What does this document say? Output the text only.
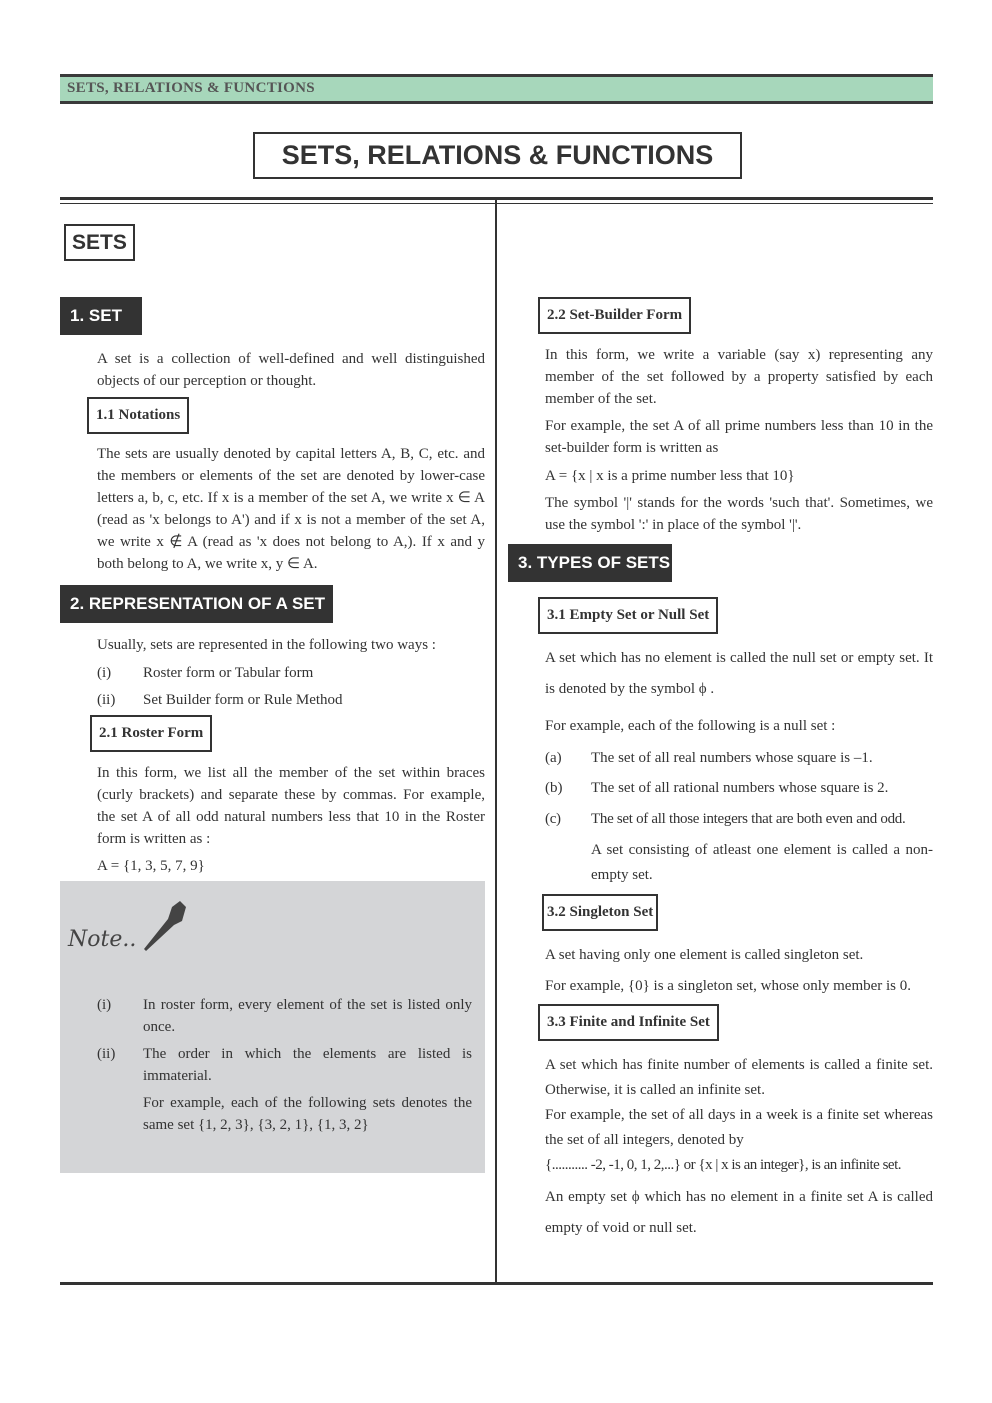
SETS, RELATIONS & FUNCTIONS
SETS, RELATIONS & FUNCTIONS
SETS
1. SET
A set is a collection of well-defined and well distinguished objects of our perception or thought.
1.1 Notations
The sets are usually denoted by capital letters A, B, C, etc. and the members or elements of the set are denoted by lower-case letters a, b, c, etc. If x is a member of the set A, we write x ∈ A (read as 'x belongs to A') and if x is not a member of the set A, we write x ∉ A (read as 'x does not belong to A,). If x and y both belong to A, we write x, y ∈ A.
2. REPRESENTATION OF A SET
Usually, sets are represented in the following two ways :
(i) Roster form or Tabular form
(ii) Set Builder form or Rule Method
2.1 Roster Form
In this form, we list all the member of the set within braces (curly brackets) and separate these by commas. For example, the set A of all odd natural numbers less that 10 in the Roster form is written as :
A = {1, 3, 5, 7, 9}
Note..
(i) In roster form, every element of the set is listed only once.
(ii) The order in which the elements are listed is immaterial.
For example, each of the following sets denotes the same set {1, 2, 3}, {3, 2, 1}, {1, 3, 2}
2.2 Set-Builder Form
In this form, we write a variable (say x) representing any member of the set followed by a property satisfied by each member of the set.
For example, the set A of all prime numbers less than 10 in the set-builder form is written as
A = {x | x is a prime number less that 10}
The symbol '|' stands for the words 'such that'. Sometimes, we use the symbol ':' in place of the symbol '|'.
3. TYPES OF SETS
3.1 Empty Set or Null Set
A set which has no element is called the null set or empty set. It is denoted by the symbol ϕ .
For example, each of the following is a null set :
(a) The set of all real numbers whose square is –1.
(b) The set of all rational numbers whose square is 2.
(c) The set of all those integers that are both even and odd.
A set consisting of atleast one element is called a non-empty set.
3.2 Singleton Set
A set having only one element is called singleton set.
For example, {0} is a singleton set, whose only member is 0.
3.3 Finite and Infinite Set
A set which has finite number of elements is called a finite set. Otherwise, it is called an infinite set.
For example, the set of all days in a week is a finite set whereas the set of all integers, denoted by
{........... -2, -1, 0, 1, 2,...} or {x | x is an integer}, is an infinite set.
An empty set ϕ which has no element in a finite set A is called empty of void or null set.
